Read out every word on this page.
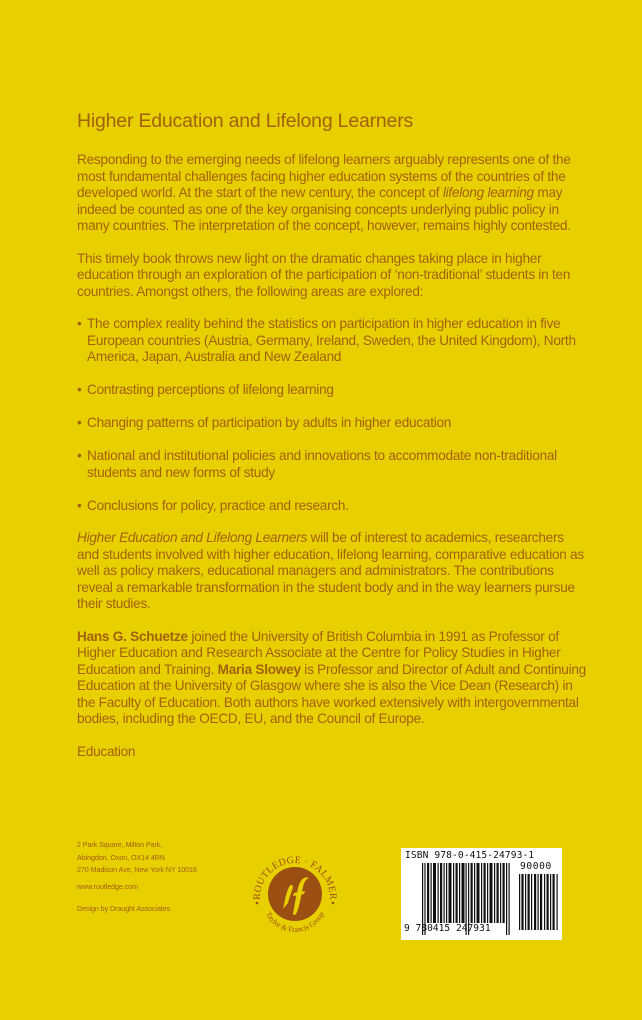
Higher Education and Lifelong Learners

Responding to the emerging needs of lifelong learners arguably represents one of the most fundamental challenges facing higher education systems of the countries of the developed world. At the start of the new century, the concept of lifelong learning may indeed be counted as one of the key organising concepts underlying public policy in many countries. The interpretation of the concept, however, remains highly contested.

This timely book throws new light on the dramatic changes taking place in higher education through an exploration of the participation of ‘non-traditional’ students in ten countries. Amongst others, the following areas are explored:

• The complex reality behind the statistics on participation in higher education in five European countries (Austria, Germany, Ireland, Sweden, the United Kingdom), North America, Japan, Australia and New Zealand
• Contrasting perceptions of lifelong learning
• Changing patterns of participation by adults in higher education
• National and institutional policies and innovations to accommodate non-traditional students and new forms of study
• Conclusions for policy, practice and research.

Higher Education and Lifelong Learners will be of interest to academics, researchers and students involved with higher education, lifelong learning, comparative education as well as policy makers, educational managers and administrators. The contributions reveal a remarkable transformation in the student body and in the way learners pursue their studies.

Hans G. Schuetze joined the University of British Columbia in 1991 as Professor of Higher Education and Research Associate at the Centre for Policy Studies in Higher Education and Training. Maria Slowey is Professor and Director of Adult and Continuing Education at the University of Glasgow where she is also the Vice Dean (Research) in the Faculty of Education. Both authors have worked extensively with intergovernmental bodies, including the OECD, EU, and the Council of Europe.

Education

2 Park Square, Milton Park,
Abingdon, Oxon, OX14 4RN
270 Madison Ave, New York NY 10016
www.routledge.com
Design by Draught Associates
ROUTLEDGE · FALMER
Taylor & Francis Group
ISBN 978-0-415-24793-1
90000
9 780415 247931
